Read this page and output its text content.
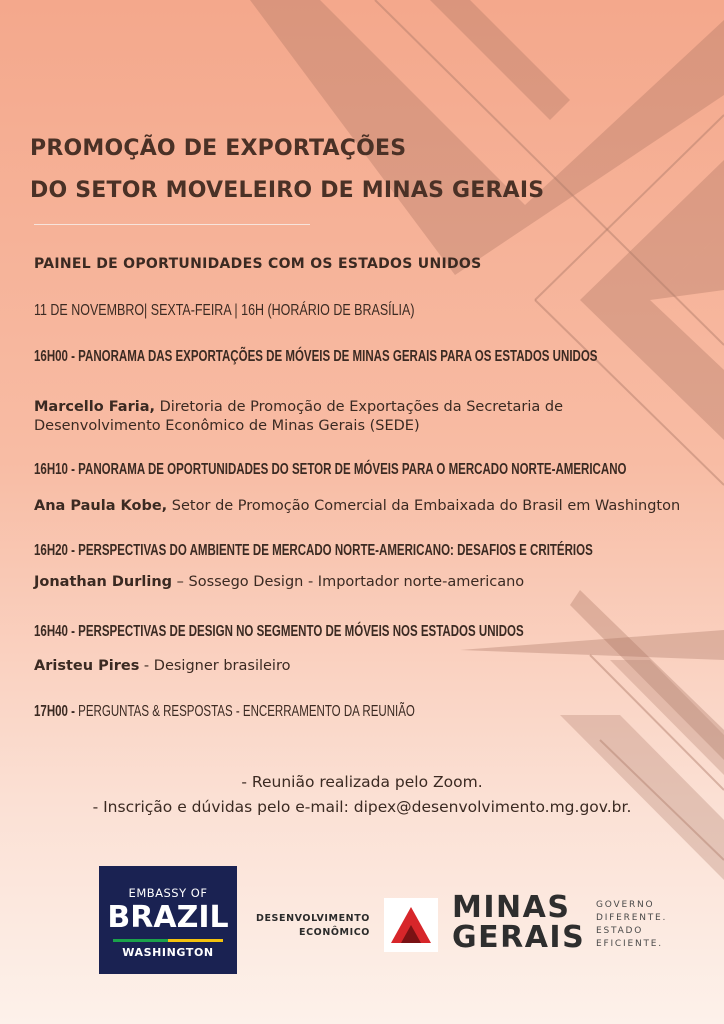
PROMOÇÃO DE EXPORTAÇÕES
DO SETOR MOVELEIRO DE MINAS GERAIS
PAINEL DE OPORTUNIDADES COM OS ESTADOS UNIDOS
11 DE NOVEMBRO| SEXTA-FEIRA | 16H (HORÁRIO DE BRASÍLIA)
16H00 - PANORAMA DAS EXPORTAÇÕES DE MÓVEIS DE MINAS GERAIS PARA OS ESTADOS UNIDOS
Marcello Faria, Diretoria de Promoção de Exportações da Secretaria de Desenvolvimento Econômico de Minas Gerais (SEDE)
16H10 - PANORAMA DE OPORTUNIDADES DO SETOR DE MÓVEIS PARA O MERCADO NORTE-AMERICANO
Ana Paula Kobe, Setor de Promoção Comercial da Embaixada do Brasil em Washington
16H20 - PERSPECTIVAS DO AMBIENTE DE MERCADO NORTE-AMERICANO: DESAFIOS E CRITÉRIOS
Jonathan Durling – Sossego Design - Importador norte-americano
16H40 - PERSPECTIVAS DE DESIGN NO SEGMENTO DE MÓVEIS NOS ESTADOS UNIDOS
Aristeu Pires - Designer brasileiro
17H00 - PERGUNTAS & RESPOSTAS - ENCERRAMENTO DA REUNIÃO
- Reunião realizada pelo Zoom.
- Inscrição e dúvidas pelo e-mail: dipex@desenvolvimento.mg.gov.br.
EMBASSY OF
BRAZIL
WASHINGTON
DESENVOLVIMENTO
ECONÔMICO
MINAS
GERAIS
GOVERNO
DIFERENTE.
ESTADO
EFICIENTE.
